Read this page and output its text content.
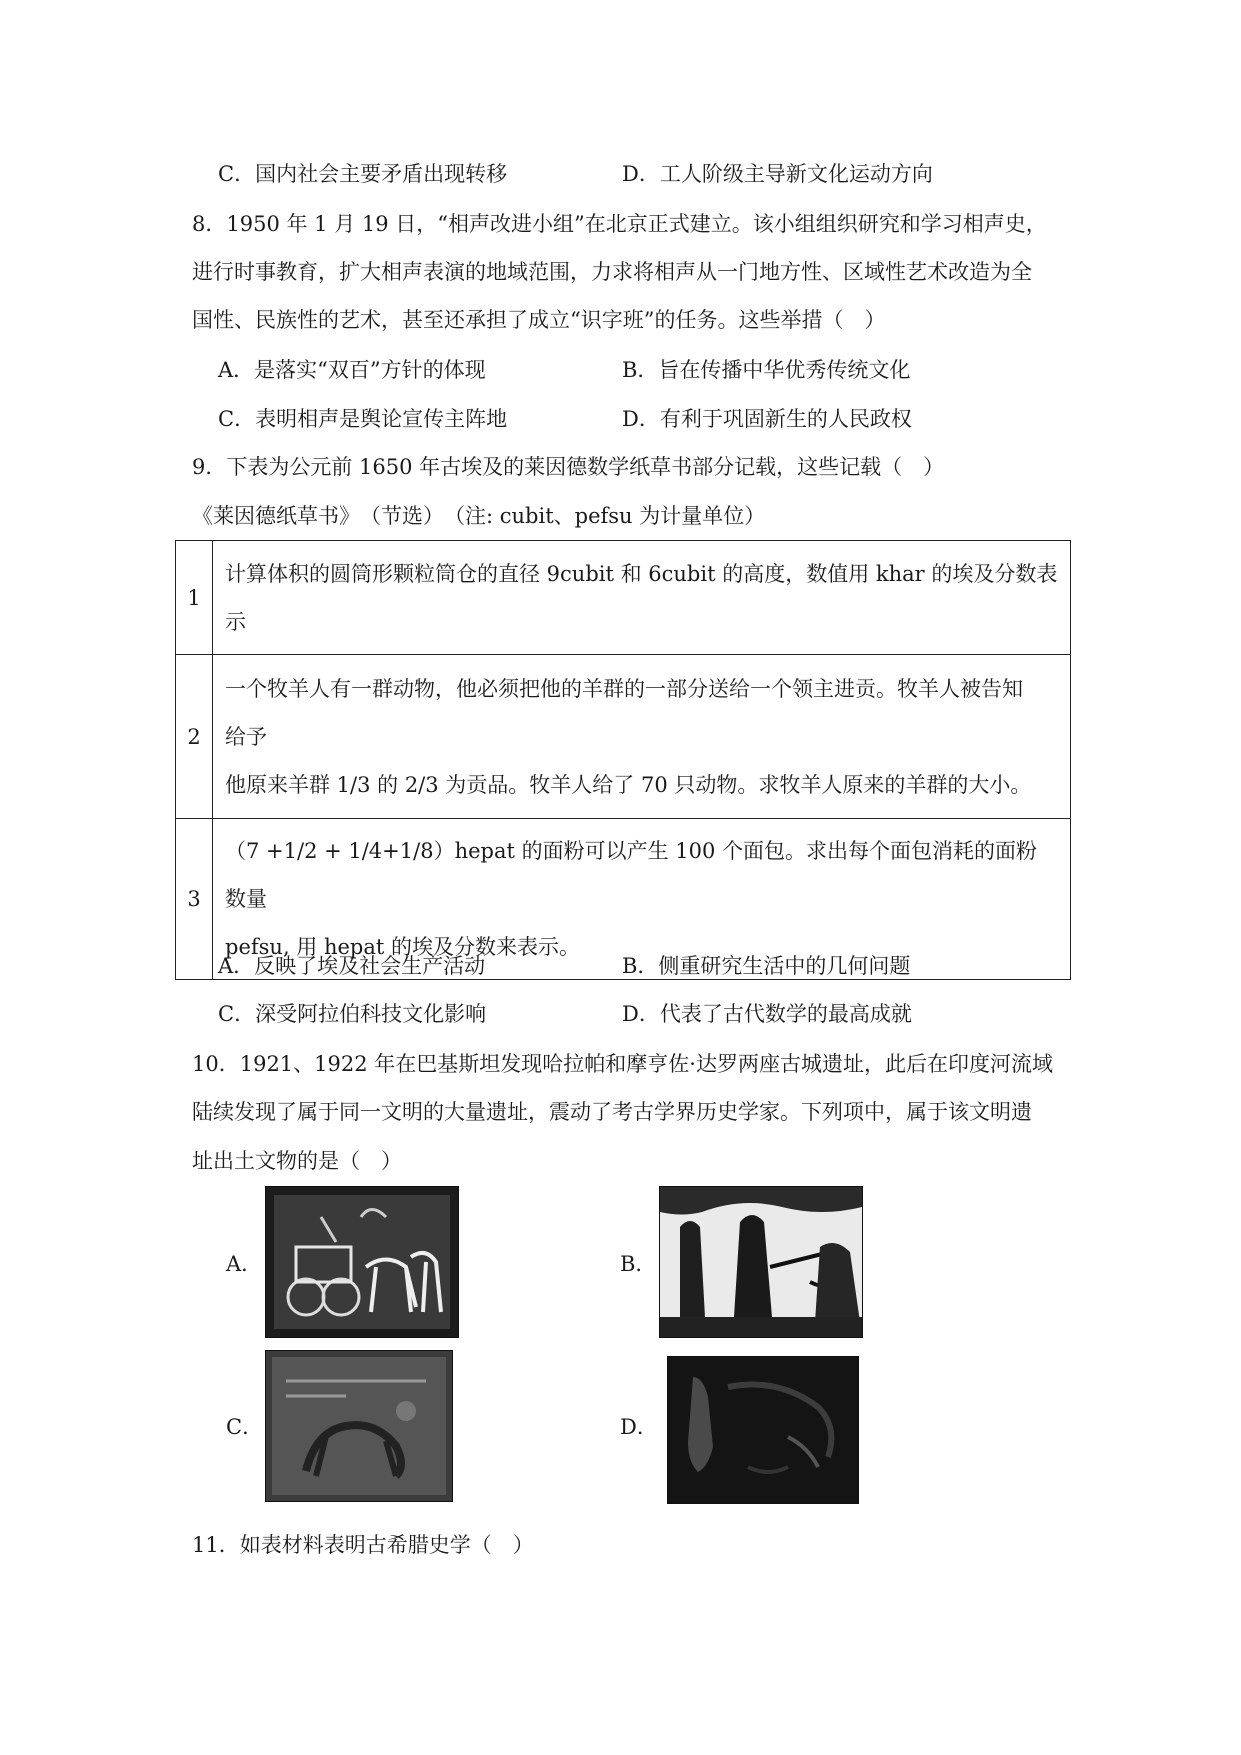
C．国内社会主要矛盾出现转移	D．工人阶级主导新文化运动方向
8．1950 年 1 月 19 日，“相声改进小组”在北京正式建立。该小组组织研究和学习相声史，
进行时事教育，扩大相声表演的地域范围，力求将相声从一门地方性、区域性艺术改造为全
国性、民族性的艺术，甚至还承担了成立“识字班”的任务。这些举措（　）
A．是落实“双百”方针的体现	B．旨在传播中华优秀传统文化
C．表明相声是舆论宣传主阵地	D．有利于巩固新生的人民政权
9．下表为公元前 1650 年古埃及的莱因德数学纸草书部分记载，这些记载（　）
《莱因德纸草书》　（节选）　（注: cubit、pefsu 为计量单位）
1	计算体积的圆筒形颗粒筒仓的直径 9cubit 和 6cubit 的高度，数值用 khar 的埃及分数表
示

2	一个牧羊人有一群动物，他必须把他的羊群的一部分送给一个领主进贡。牧羊人被告知
给予
他原来羊群 1/3 的 2/3 为贡品。牧羊人给了 70 只动物。求牧羊人原来的羊群的大小。

3	（7 +1/2 + 1/4+1/8）hepat 的面粉可以产生 100 个面包。求出每个面包消耗的面粉数量
pefsu, 用 hepat 的埃及分数来表示。
A．反映了埃及社会生产活动	B．侧重研究生活中的几何问题
C．深受阿拉伯科技文化影响	D．代表了古代数学的最高成就
10．1921、1922 年在巴基斯坦发现哈拉帕和摩亨佐·达罗两座古城遗址，此后在印度河流域
陆续发现了属于同一文明的大量遗址，震动了考古学界历史学家。下列项中，属于该文明遗
址出土文物的是（　）
A．	B．
C．	D．
11．如表材料表明古希腊史学（　）
